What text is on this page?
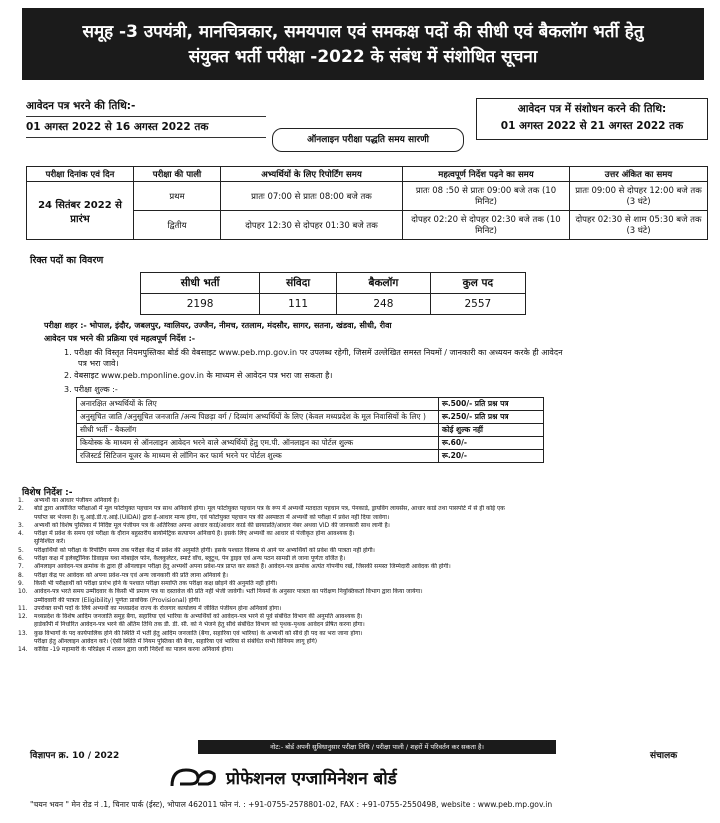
समूह -3 उपयंत्री, मानचित्रकार, समयपाल एवं समकक्ष पदों की सीधी एवं बैकलॉग भर्ती हेतु
संयुक्त भर्ती परीक्षा -2022 के संबंध में संशोधित सूचना
आवेदन पत्र भरने की तिथि:-
01 अगस्त 2022 से 16 अगस्त 2022 तक
आवेदन पत्र में संशोधन करने की तिथि:
01 अगस्त 2022 से 21 अगस्त 2022 तक
ऑनलाइन परीक्षा पद्धति समय सारणी
परीक्षा दिनांक एवं दिन	परीक्षा की पाली	अभ्यर्थियों के लिए रिपोर्टिंग समय	महत्वपूर्ण निर्देश पढ़ने का समय	उत्तर अंकित का समय
24 सितंबर 2022 से प्रारंभ	प्रथम	प्रातः 07:00 से प्रातः 08:00 बजे तक	प्रातः 08 :50 से प्रातः 09:00 बजे तक (10 मिनिट)	प्रातः 09:00 से दोपहर 12:00 बजे तक (3 घंटे)
	द्वितीय	दोपहर 12:30 से दोपहर 01:30 बजे तक	दोपहर 02:20 से दोपहर 02:30 बजे तक (10 मिनिट)	दोपहर 02:30 से शाम 05:30 बजे तक (3 घंटे)
रिक्त पदों का विवरण
सीधी भर्ती	संविदा	बैकलॉग	कुल पद
2198	111	248	2557
परीक्षा शहर :- भोपाल, इंदौर, जबलपुर, ग्वालियर, उज्जैन, नीमच, रतलाम, मंदसौर, सागर, सतना, खंडवा, सीधी, रीवा
आवेदन पत्र भरने की प्रक्रिया एवं महत्वपूर्ण निर्देश :-
1. परीक्षा की विस्तृत नियमपुस्तिका बोर्ड की वेबसाइट www.peb.mp.gov.in पर उपलब्ध रहेगी, जिसमें उल्लेखित समस्त नियमों / जानकारी का अध्ययन करके ही आवेदन
पत्र भरा जावे।
2. वेबसाइट www.peb.mponline.gov.in के माध्यम से आवेदन पत्र भरा जा सकता है।
3. परीक्षा शुल्क :-
अनारक्षित अभ्यर्थियों के लिए	रू.500/- प्रति प्रश्न पत्र
अनुसूचित जाति /अनुसूचित जनजाति /अन्य पिछड़ा वर्ग / दिव्यांग अभ्यर्थियों के लिए (केवल मध्यप्रदेश के मूल निवासियों के लिए )	रू.250/- प्रति प्रश्न पत्र
सीधी भर्ती - बैकलॉग	कोई शुल्क नहीं
कियोस्क के माध्यम से ऑनलाइन आवेदन भरने वाले अभ्यर्थियों हेतु एम.पी. ऑनलाइन का पोर्टल शुल्क	रू.60/-
रजिस्टर्ड सिटिजन यूजर के माध्यम से लॉगिन कर फार्म भरने पर पोर्टल शुल्क	रू.20/-
विशेष निर्देश :-
1.	अभ्यर्थी का आधार पंजीयन अनिवार्य है।
2.	बोर्ड द्वारा आयोजित परीक्षाओं में मूल फोटोयुक्त पहचान पत्र साथ अनिवार्य होगा। मूल फोटोयुक्त पहचान पत्र के रूप में अभ्यर्थी मतदाता पहचान पत्र, पेनकार्ड, ड्रायविंग लायसेंस, आधार कार्ड तथा पासपोर्ट में से ही कोई एक
पर्याप्त बर भेजना है। यू.आई.डी.ए.आई.(UIDAI) द्वारा ई-आधार मान्य होगा, एवं फोटोयुक्त पहचान पत्र की अस्पष्टता में अभ्यर्थी को परीक्षा में प्रवेश नहीं दिया जावेगा।
3.	अभ्यर्थी को विशेष पुस्तिका में निर्दिष्ट मूल पंजीयन पत्र के अतिरिक्त अपना आधार कार्ड/आधार कार्ड की छायाप्रति/आधार नंबर अथवा VID की जानकारी साथ लानी है।
4.	परीक्षा में प्रवेश के समय एवं परीक्षा के दौरान बहुस्तरीय बायोमेट्रिक सत्यापन अनिवार्य है। इसके लिए अभ्यर्थी का आधार से पंजीकृत होना आवश्यक है।
सुनिश्चित करें।
5.	परीक्षार्थियों को परीक्षा के रिपोर्टिंग समय तक परीक्षा केंद्र में प्रवेश की अनुमति होगी। इसके पश्चात विलम्ब से आने पर अभ्यर्थियों को प्रवेश की पात्रता नहीं होगी।
6.	परीक्षा कक्ष में इलेक्ट्रॉनिक डिवाइस यथा मोबाईल फोन, कैलकुलेटर, स्मार्ट वॉच, ब्लूटूथ, पेन ड्राइव एवं अन्य पठन सामग्री ले जाना पूर्णतः वर्जित है।
7.	ऑनलाइन आवेदन-पत्र क्रमांक के द्वारा ही ऑनलाइन परीक्षा हेतु अभ्यर्थी अपना प्रवेश-पत्र प्राप्त कर सकते हैं। आवेदन-पत्र क्रमांक अत्यंत गोपनीय रखें, जिसकी समस्त जिम्मेदारी आवेदक की होगी।
8.	परीक्षा केंद्र पर आवेदक को अपना प्रवेश-पत्र एवं अन्य जानकारी की प्रति लाना अनिवार्य है।
9.	किसी भी परीक्षार्थी को परीक्षा प्रारंभ होने के पश्चात परीक्षा समाप्ति तक परीक्षा कक्ष छोड़ने की अनुमति नहीं होगी।
10.	आवेदन-पत्र भरते समय उम्मीदवार के किसी भी प्रमाण पत्र या दस्तावेज की प्रति नहीं भेजी जावेगी। भर्ती नियमों के अनुसार पात्रता का परीक्षण नियुक्तिकर्ता विभाग द्वारा किया जायेगा।
उम्मीदवारी की पात्रता (Eligibility) पूर्णतः प्रावधिक (Provisional) होगी।
11.	उपरोक्त सभी पदों के लिये अभ्यर्थी का मध्यप्रदेश राज्य के रोजगार कार्यालय में जीवित पंजीयन होना अनिवार्य होगा।
12.	मध्यप्रदेश के विशेष आदिम जनजाति समूह बैगा, सहारिया एवं भारिया के अभ्यर्थियों को आवेदन-पत्र भरने से पूर्व संबंधित विभाग की अनुमति आवश्यक है।
हार्डकॉपी में निर्धारित आवेदन-पत्र भरने की अंतिम तिथि तक डी. डी. सी. को ने भेजने हेतु सीधे संबंधित विभाग को पृथक-पृथक आवेदन प्रेषित करना होगा।
13.	कुछ विभागों के पद कार्यपालिक होने की स्थिति में भर्ती हेतु आदिम जनजाति (बैगा, सहारिया एवं भारिया) के अभ्यर्थी को सीधे ही पद का भरा जाना होगा।
परीक्षा हेतु ऑनलाइन आवेदन करें। (ऐसी स्थिति में नियम पुस्तिका की बैगा, सहारिया एवं भारिया से संबंधित सभी विनियम लागू होंगे)
14.	कोविड -19 महामारी के परिप्रेक्ष्य में शासन द्वारा जारी निर्देशों का पालन करना अनिवार्य होगा।
नोट:- बोर्ड अपनी सुविधानुसार परीक्षा तिथि / परीक्षा पाली / शहरों में परिवर्तन कर सकता है।
विज्ञापन क्र. 10 / 2022	संचालक
प्रोफेशनल एग्जामिनेशन बोर्ड
"चयन भवन " मेन रोड नं .1, चिनार पार्क (ईस्ट), भोपाल 462011 फोन नं. : +91-0755-2578801-02, FAX : +91-0755-2550498, website : www.peb.mp.gov.in
